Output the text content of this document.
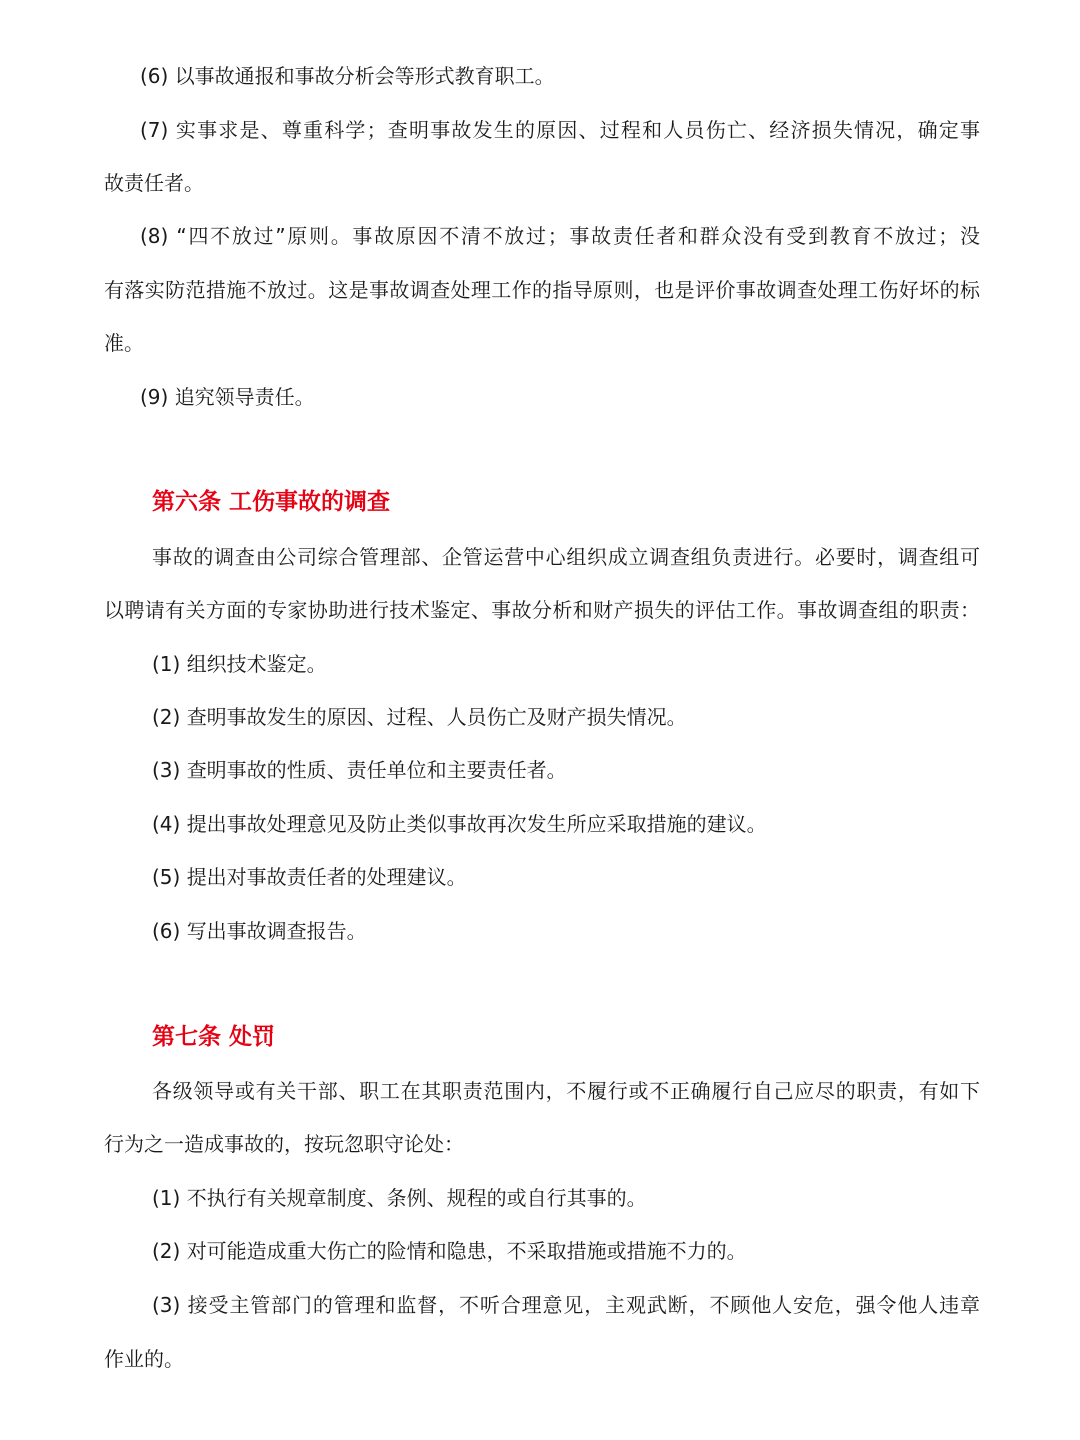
(6) 以事故通报和事故分析会等形式教育职工。
(7) 实事求是、尊重科学；查明事故发生的原因、过程和人员伤亡、经济损失情况，确定事
故责任者。
(8) “四不放过”原则。事故原因不清不放过；事故责任者和群众没有受到教育不放过；没
有落实防范措施不放过。这是事故调查处理工作的指导原则，也是评价事故调查处理工伤好坏的标
准。
(9) 追究领导责任。
第六条 工伤事故的调查
事故的调查由公司综合管理部、企管运营中心组织成立调查组负责进行。必要时，调查组可
以聘请有关方面的专家协助进行技术鉴定、事故分析和财产损失的评估工作。事故调查组的职责：
(1) 组织技术鉴定。
(2) 查明事故发生的原因、过程、人员伤亡及财产损失情况。
(3) 查明事故的性质、责任单位和主要责任者。
(4) 提出事故处理意见及防止类似事故再次发生所应采取措施的建议。
(5) 提出对事故责任者的处理建议。
(6) 写出事故调查报告。
第七条 处罚
各级领导或有关干部、职工在其职责范围内，不履行或不正确履行自己应尽的职责，有如下
行为之一造成事故的，按玩忽职守论处：
(1) 不执行有关规章制度、条例、规程的或自行其事的。
(2) 对可能造成重大伤亡的险情和隐患，不采取措施或措施不力的。
(3) 接受主管部门的管理和监督，不听合理意见，主观武断，不顾他人安危，强令他人违章
作业的。
